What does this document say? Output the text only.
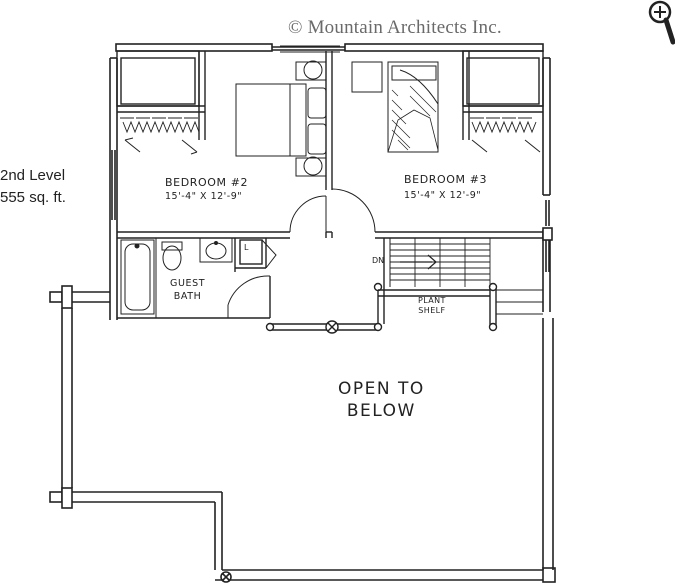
© Mountain Architects Inc.
2nd Level
555 sq. ft.
BEDROOM #2
15'-4" X 12'-9"
BEDROOM #3
15'-4" X 12'-9"
GUEST
BATH	PLANT
SHELF
DN
L
OPEN TO
BELOW
